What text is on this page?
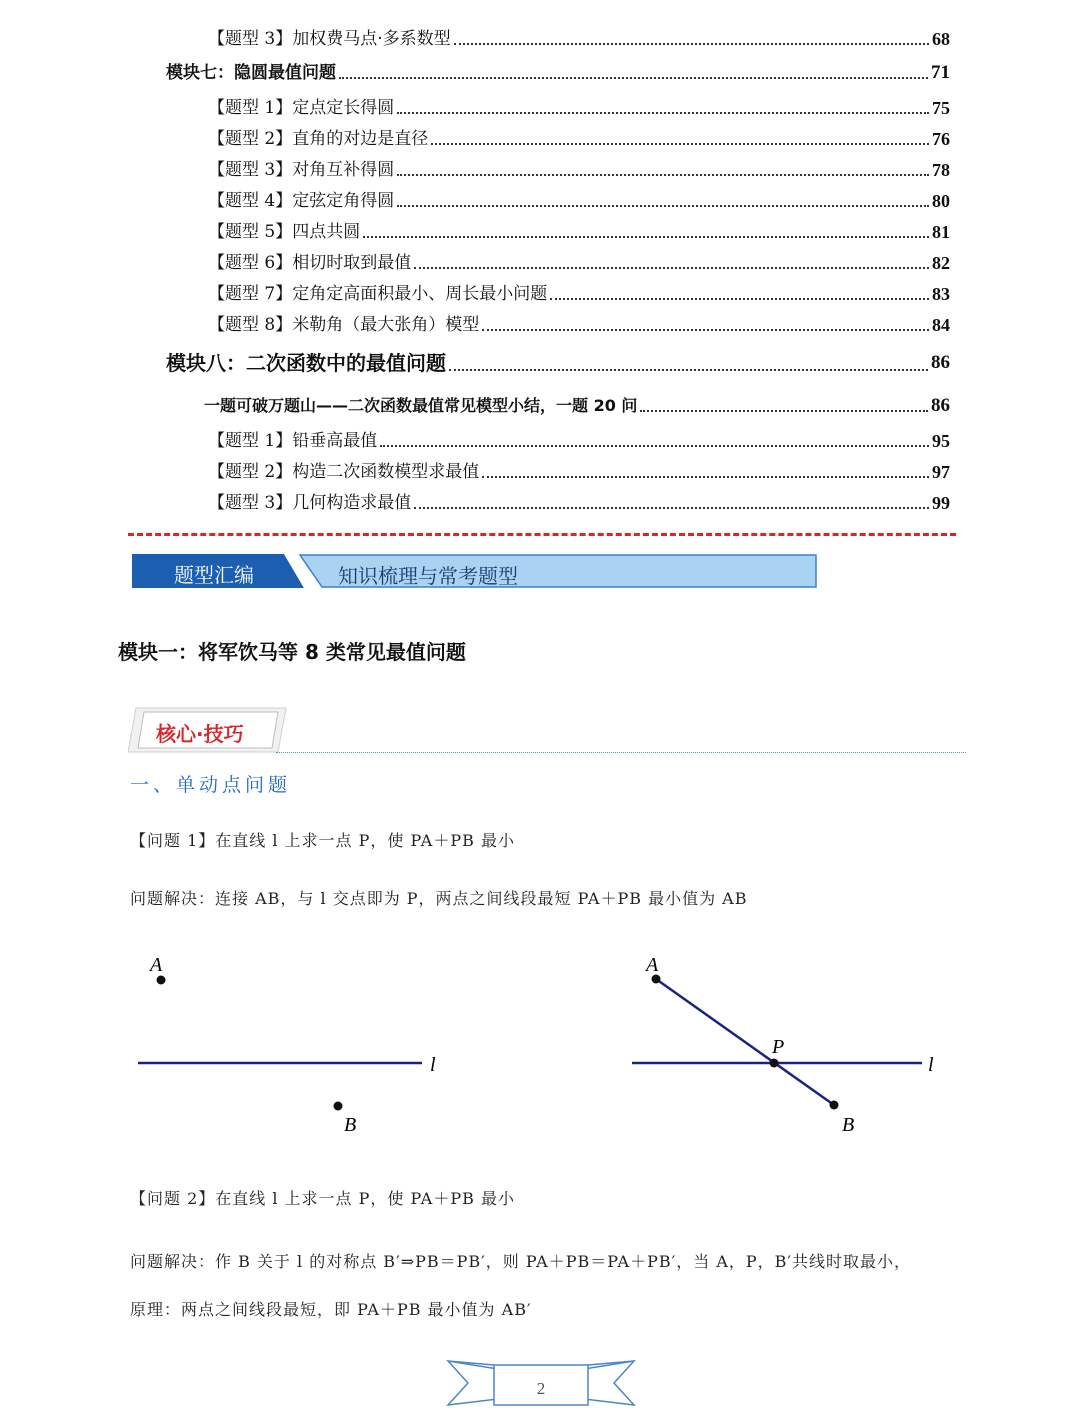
【题型 3】加权费马点·多系数型	68
模块七：隐圆最值问题	71
【题型 1】定点定长得圆	75
【题型 2】直角的对边是直径	76
【题型 3】对角互补得圆	78
【题型 4】定弦定角得圆	80
【题型 5】四点共圆	81
【题型 6】相切时取到最值	82
【题型 7】定角定高面积最小、周长最小问题	83
【题型 8】米勒角（最大张角）模型	84
模块八：二次函数中的最值问题	86
一题可破万题山——二次函数最值常见模型小结，一题 20 问	86
【题型 1】铅垂高最值	95
【题型 2】构造二次函数模型求最值	97
【题型 3】几何构造求最值	99
题型汇编	知识梳理与常考题型
模块一：将军饮马等 8 类常见最值问题
核心·技巧
一、单动点问题
【问题 1】在直线 l 上求一点 P，使 PA＋PB 最小
问题解决：连接 AB，与 l 交点即为 P，两点之间线段最短 PA＋PB 最小值为 AB
A
B
l
A
P
B
l
【问题 2】在直线 l 上求一点 P，使 PA＋PB 最小
问题解决：作 B 关于 l 的对称点 B′⇒PB＝PB′，则 PA＋PB＝PA＋PB′，当 A，P，B′共线时取最小，
原理：两点之间线段最短，即 PA＋PB 最小值为 AB′
2
